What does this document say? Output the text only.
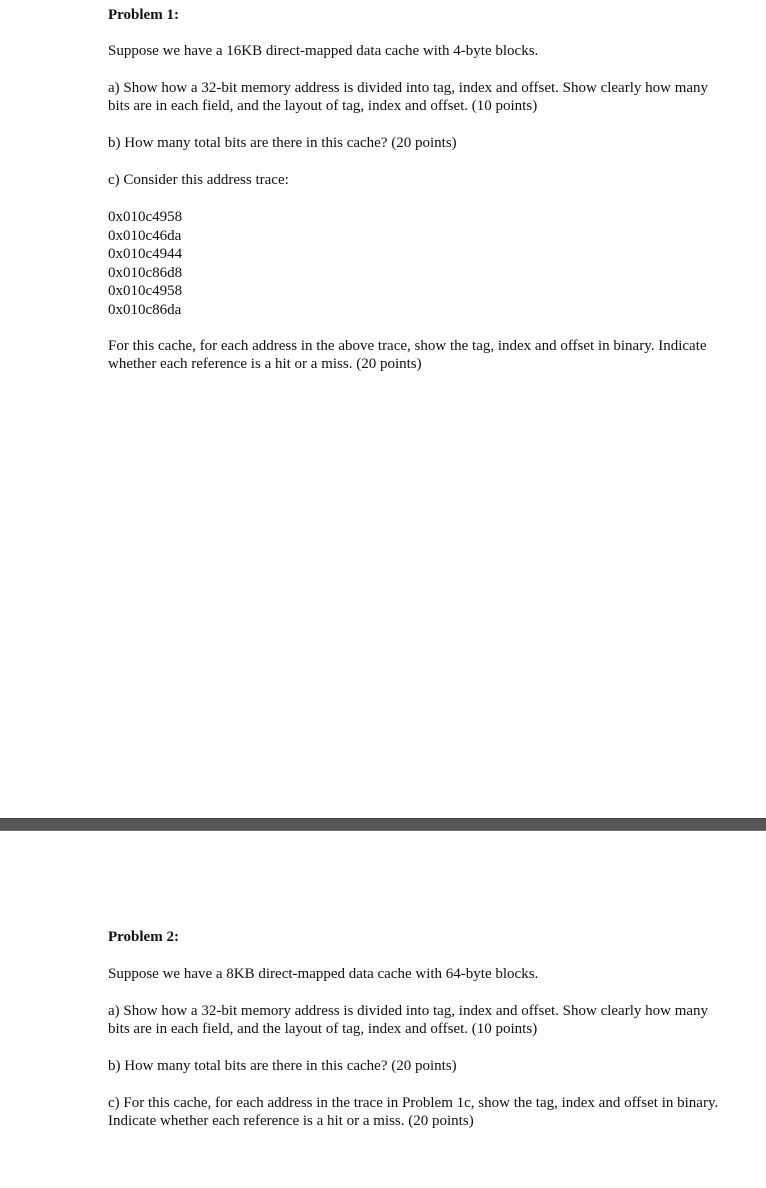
Problem 1:

Suppose we have a 16KB direct-mapped data cache with 4-byte blocks.

a) Show how a 32-bit memory address is divided into tag, index and offset. Show clearly how many bits are in each field, and the layout of tag, index and offset. (10 points)

b) How many total bits are there in this cache? (20 points)

c) Consider this address trace:

0x010c4958
0x010c46da
0x010c4944
0x010c86d8
0x010c4958
0x010c86da

For this cache, for each address in the above trace, show the tag, index and offset in binary. Indicate whether each reference is a hit or a miss. (20 points)

Problem 2:

Suppose we have a 8KB direct-mapped data cache with 64-byte blocks.

a) Show how a 32-bit memory address is divided into tag, index and offset. Show clearly how many bits are in each field, and the layout of tag, index and offset. (10 points)

b) How many total bits are there in this cache? (20 points)

c) For this cache, for each address in the trace in Problem 1c, show the tag, index and offset in binary. Indicate whether each reference is a hit or a miss. (20 points)
